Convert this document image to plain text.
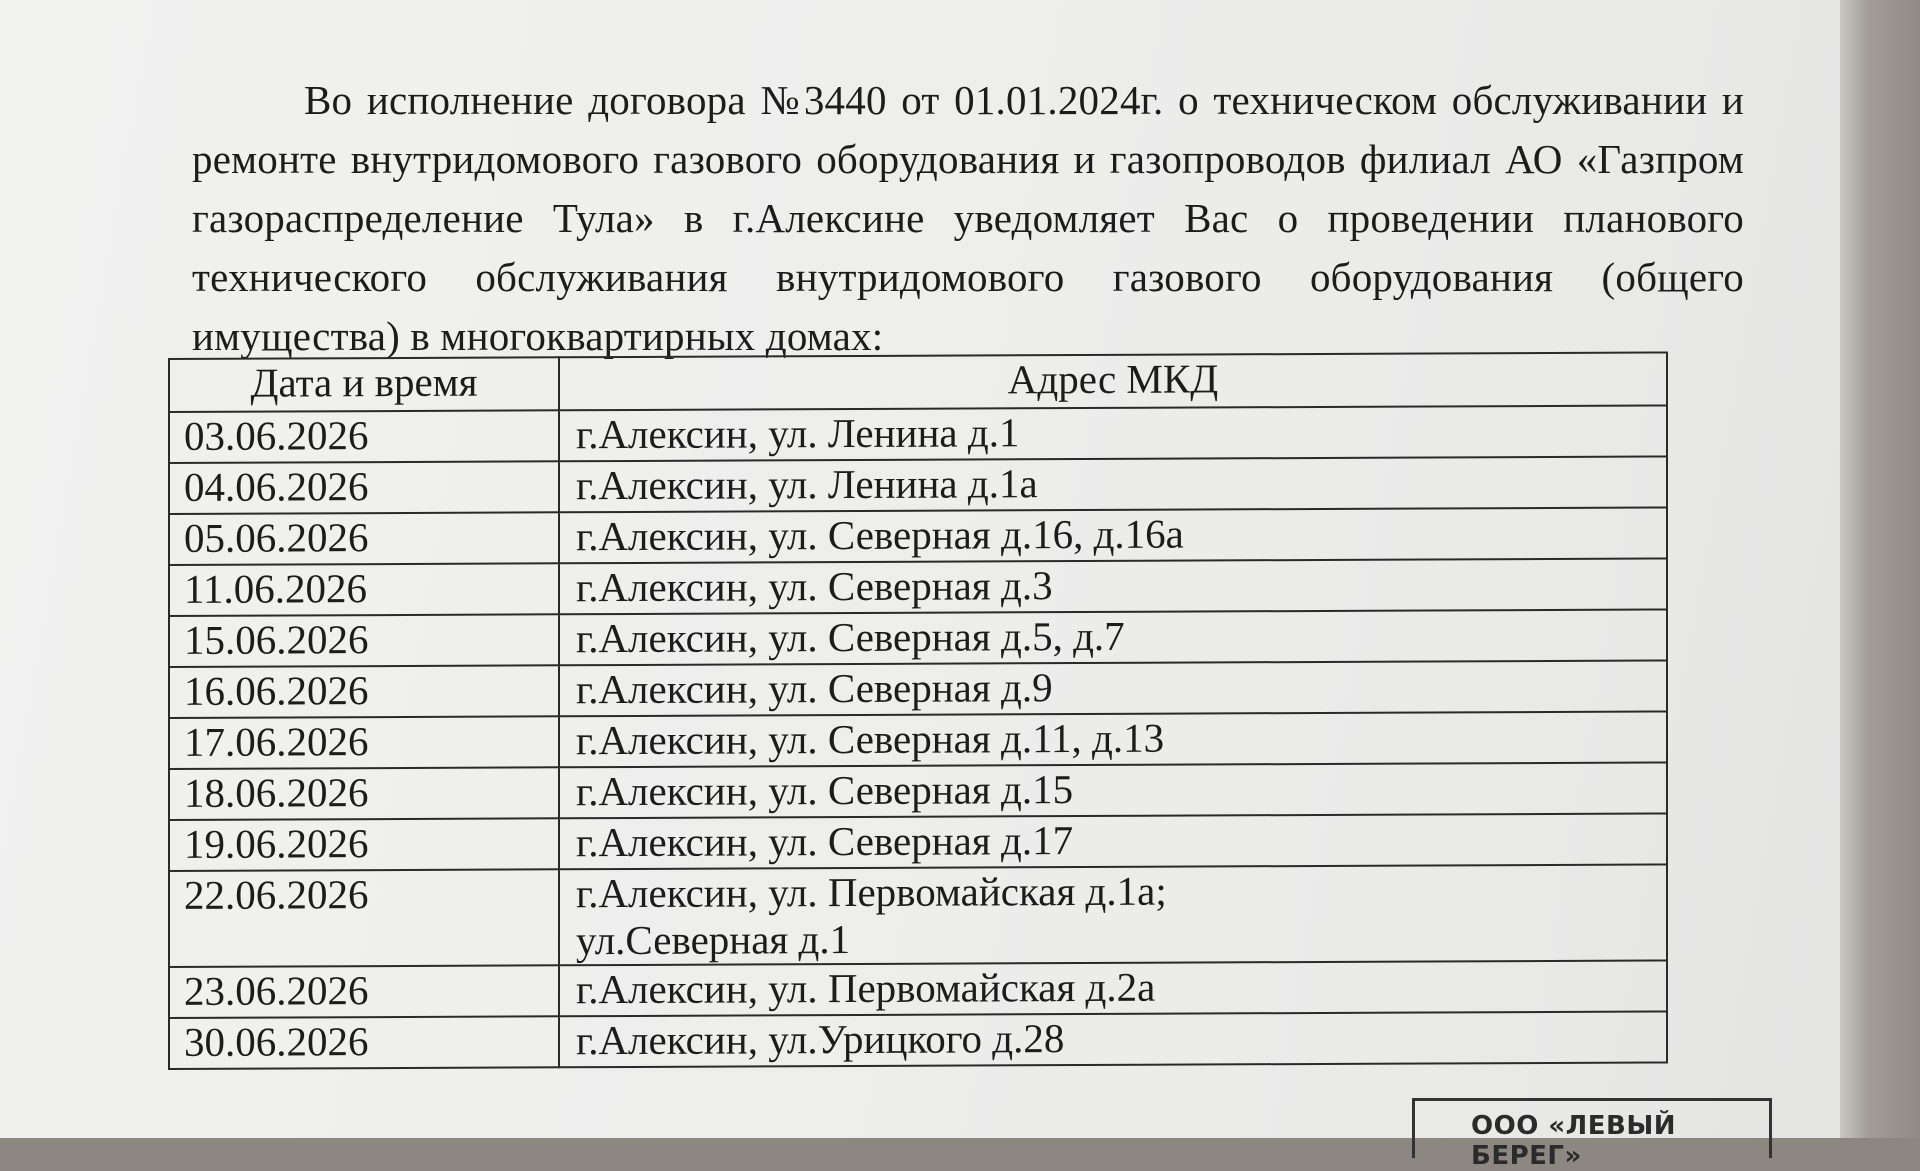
Во исполнение договора №3440 от 01.01.2024г. о техническом обслуживании и ремонте внутридомового газового оборудования и газопроводов филиал АО «Газпром газораспределение Тула» в г.Алексине уведомляет Вас о проведении планового технического обслуживания внутридомового газового оборудования (общего имущества) в многоквартирных домах:

Дата и время	Адрес МКД
03.06.2026	г.Алексин, ул. Ленина д.1
04.06.2026	г.Алексин, ул. Ленина д.1а
05.06.2026	г.Алексин, ул. Северная д.16, д.16а
11.06.2026	г.Алексин, ул. Северная д.3
15.06.2026	г.Алексин, ул. Северная д.5, д.7
16.06.2026	г.Алексин, ул. Северная д.9
17.06.2026	г.Алексин, ул. Северная д.11, д.13
18.06.2026	г.Алексин, ул. Северная д.15
19.06.2026	г.Алексин, ул. Северная д.17
22.06.2026	г.Алексин, ул. Первомайская д.1а;
ул.Северная д.1

23.06.2026	г.Алексин, ул. Первомайская д.2а
30.06.2026	г.Алексин, ул.Урицкого д.28
ООО «ЛЕВЫЙ БЕРЕГ»
